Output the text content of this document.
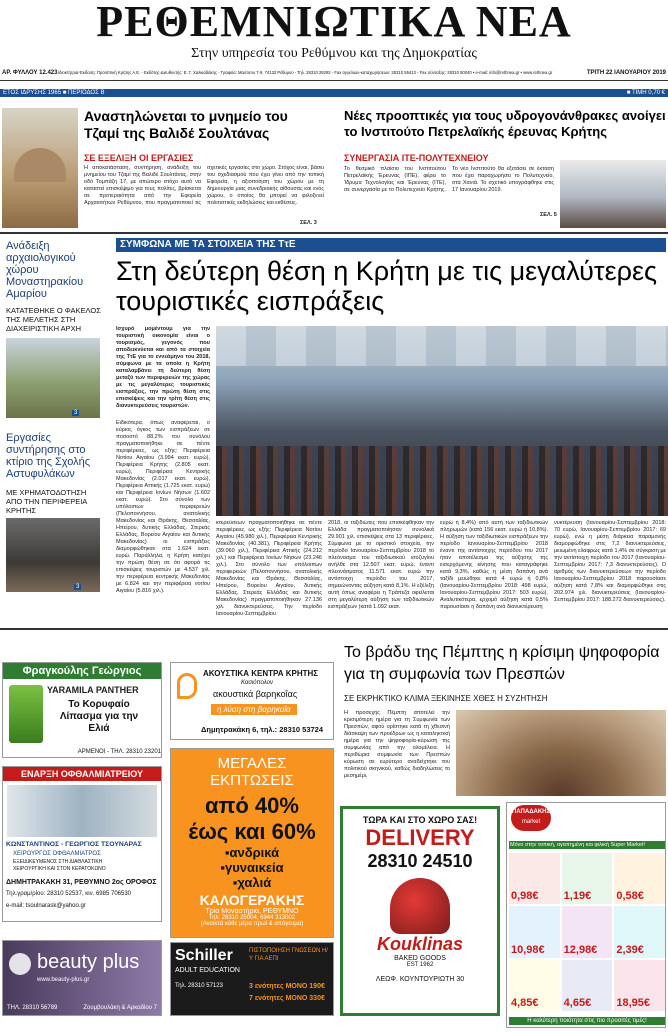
ΡΕΘΕΜΝΙΩΤΙΚΑ ΝΕΑ
Στην υπηρεσία του Ρεθύμνου και της Δημοκρατίας
ΑΡ. ΦΥΛΛΟΥ 12.423 Ιδιοκτήτρια-Έκδοση: Προοπτική Κρήτης Α.Ε. - Εκδότης-Διευθυντής: Ε. Γ. Χαλκιαδάκης - Γραφεία: Μαύτσου 7-9, 74132 Ρέθυμνο - Τηλ. 28310 29292 - Fax αγγελιών-καταχωρήσεων: 28310 55413 - Fax σύνταξης: 28310 50040 • e-mail: info@rethnea.gr • www.rethnea.gr	ΤΡΙΤΗ 22 ΙΑΝΟΥΑΡΙΟΥ 2019
ΕΤΟΣ ΙΔΡΥΣΗΣ 1965 ■ ΠΕΡΙΟΔΟΣ Β	■ ΤΙΜΗ 0,70 €
Αναστηλώνεται το μνημείο του Τζαμί της Βαλιδέ Σουλτάνας
ΣΕ ΕΞΕΛΙΞΗ ΟΙ ΕΡΓΑΣΙΕΣ
Η αποκατάσταση, συντήρηση, ανάδειξη του μνημείου του Τζαμί της Βαλιδέ Σουλτάνας, στην οδό Τομπάζη 17, με απώτερο στόχο αυτό να καταστεί επισκέψιμο για τους πολίτες, βρίσκεται σε προτεραιότητα από την Εφορεία Αρχαιοτήτων Ρεθύμνου, που πραγματοποιεί τις σχετικές εργασίες στο χώρο. Στόχος είναι, βάσει του σχεδιασμού που έχει γίνει από την τοπική Εφορεία, η αξιοποίηση του χώρου με τη δημιουργία μιας συνεδριακής αίθουσας και ενός χώρου, ο οποίος θα μπορεί να φιλοξενεί πολιτιστικές εκδηλώσεις και εκθέσεις.
ΣΕΛ. 3
Νέες προοπτικές για τους υδρογονάνθρακες ανοίγει το Ινστιτούτο Πετρελαϊκής έρευνας Κρήτης
ΣΥΝΕΡΓΑΣΙΑ ΙΤΕ-ΠΟΛΥΤΕΧΝΕΙΟΥ
Το θεσμικό πλαίσιο του Ινστιτούτου Πετρελαϊκής Έρευνας (ΙΠΕ), φέρει το Ίδρυμα Τεχνολογίας και Έρευνας (ΙΤΕ), σε συνεργασία με το Πολυτεχνείο Κρήτης. Το νέο Ινστιτούτο θα εξετάσει σε έκταση που έχει παραχωρήσει το Πολυτεχνείο, στα Χανιά. Το σχετικό υπογράφθηκε στις 17 Ιανουαρίου 2019.
ΣΕΛ. 5
Ανάδειξη αρχαιολογικού χώρου Μοναστηρακίου Αμαρίου
ΚΑΤΑΤΕΘΗΚΕ Ο ΦΑΚΕΛΟΣ ΤΗΣ ΜΕΛΕΤΗΣ ΣΤΗ ΔΙΑΧΕΙΡΙΣΤΙΚΗ ΑΡΧΗ
3
Εργασίες συντήρησης στο κτίριο της Σχολής Αστυφυλάκων
ΜΕ ΧΡΗΜΑΤΟΔΟΤΗΣΗ ΑΠΟ ΤΗΝ ΠΕΡΙΦΕΡΕΙΑ ΚΡΗΤΗΣ
3
ΣΥΜΦΩΝΑ ΜΕ ΤΑ ΣΤΟΙΧΕΙΑ ΤΗΣ ΤτΕ
Στη δεύτερη θέση η Κρήτη με τις μεγαλύτερες τουριστικές εισπράξεις
Ισχυρό μομέντουμ για την τουριστική οικονομία είναι ο τουρισμός, γεγονός που αποδεικνύεται και από τα στοιχεία της ΤτΕ για το εννεάμηνο του 2018, σύμφωνα με τα οποία η Κρήτη καταλαμβάνει τη δεύτερη θέση μεταξύ των περιφερειών της χώρας με τις μεγαλύτερες τουριστικές εισπράξεις, την πρώτη θέση στις επισκέψεις και την τρίτη θέση στις διανυκτερεύσεις τουριστών.
Ειδικότερα, όπως αναφέρεται, ο κύριος όγκος των εισπράξεων σε ποσοστό 88,2% του συνόλου πραγματοποιήθηκε σε πέντε περιφέρειες, ως εξής: Περιφέρεια Νοτίου Αιγαίου (3.994 εκατ. ευρώ), Περιφέρεια Κρήτης (2.805 εκατ. ευρώ), Περιφέρεια Κεντρικής Μακεδονίας (2.017 εκατ. ευρώ), Περιφέρεια Αττικής (1.725 εκατ. ευρώ) και Περιφέρεια Ιονίων Νήσων (1.602 εκατ. ευρώ). Στο σύνολο των υπόλοιπων περιφερειών (Πελοποννήσου, ανατολικής Μακεδονίας και Θράκης, Θεσσαλίας, Ηπείρου, δυτικής Ελλάδας, Στερεάς Ελλάδας, Βορείου Αιγαίου και δυτικής Μακεδονίας) οι εισπράξεις διαμορφώθηκαν στα 1.624 εκατ. ευρώ. Παράλληλα, η Κρήτη κατέχει την πρώτη θέση σε ότι αφορά τις επισκέψεις τουριστών με 4.537 χιλ. την περιφέρεια κεντρικής Μακεδονίας με 6.824 και την περιφέρεια νοτίου Αιγαίου (5.816 χιλ.).
κτερεύσεων πραγματοποιήθηκε σε πέντε περιφέρειες ως εξής: Περιφέρεια Νοτίου Αιγαίου (45.980 χιλ.), Περιφέρεια Κεντρικής Μακεδονίας (40.381), Περιφέρεια Κρήτης (39.060 χιλ.), Περιφέρεια Αττικής (24.212 χιλ.) και Περιφέρεια Ιονίων Νήσων (23.246 χιλ.). Στο σύνολο των υπόλοιπων περιφερειών (Πελοποννήσου, ανατολικής Μακεδονίας και Θράκης, Θεσσαλίας, Ηπείρου, Βορείου Αιγαίου, δυτικής Ελλάδας, Στερεάς Ελλάδας και δυτικής Μακεδονίας) πραγματοποιήθηκαν 27.136 χιλ. διανυκτερεύσεις. Την περίοδο Ιανουαρίου-Σεπτεμβρίου
2018, οι ταξιδιώτες που επισκέφθηκαν την Ελλάδα πραγματοποίησαν συνολικά 29.901 χιλ. επισκέψεις στα 13 περιφέρειες. Σύμφωνα με το οριστικό στοιχεία, την περίοδο Ιανουαρίου-Σεπτεμβρίου 2018 το πλεόνασμα του ταξιδιωτικού ισοζυγίου ανήλθε στα 12.507 εκατ. ευρώ, έναντι πλεονάσματος 11.571 εκατ. ευρώ την αντίστοιχη περίοδο του 2017, σημειώνοντας αύξηση κατά 8,1%. Η εξέλιξη αυτή όπως αναφέρει η Τράπεζα οφείλεται στη μεγαλύτερη αύξηση των ταξιδιωτικών εισπράξεων (κατά 1.092 εκατ.
ευρώ ή 8,4%) από αυτή των ταξιδιωτικών πληρωμών (κατά 156 εκατ. ευρώ ή 10,8%). Η αύξηση των ταξιδιωτικών εισπράξεων την περίοδο Ιανουαρίου-Σεπτεμβρίου 2018 έναντι της αντίστοιχης περιόδου του 2017 ήταν αποτέλεσμα της αύξησης της εισερχόμενης κίνησης που καταγράφηκε κατά 9,3%, καθώς η μέση δαπάνη ανά ταξίδι μειώθηκε κατά 4 ευρώ ή 0,8% (Ιανουαρίου-Σεπτεμβρίου 2018: 498 ευρώ, Ιανουαρίου-Σεπτεμβρίου 2017: 503 ευρώ). Αναλυτικότερα, ερχομό αύξηση κατά 0,5% παρουσίασε η δαπάνη ανά διανυκτέρευση
νυκτέρευση (Ιανουαρίου-Σεπτεμβρίου 2018: 70 ευρώ, Ιανουαρίου-Σεπτεμβρίου 2017: 69 ευρώ), ενώ η μέση διάρκεια παραμονής διαμορφώθηκε στις 7,2 διανυκτερεύσεις, μειωμένη ελαφρώς κατά 1,4% σε σύγκριση με την αντίστοιχη περίοδο του 2017 (Ιανουαρίου-Σεπτεμβρίου 2017: 7,3 διανυκτερεύσεις). Ο αριθμός των διανυκτερεύσεων την περίοδο Ιανουαρίου-Σεπτεμβρίου 2018 παρουσίασε αύξηση κατά 7,8% και διαμορφώθηκε στις 202.974 χιλ. διανυκτερεύσεις (Ιανουαρίου-Σεπτεμβρίου 2017: 188.272 διανυκτερεύσεις).
Το βράδυ της Πέμπτης η κρίσιμη ψηφοφορία για τη συμφωνία των Πρεσπών
ΣΕ ΕΚΡΗΚΤΙΚΟ ΚΛΙΜΑ ΞΕΚΙΝΗΣΕ ΧΘΕΣ Η ΣΥΖΗΤΗΣΗ
Η προσεχής Πέμπτη αποτελεί την κρισιμότερη ημέρα για τη Συμφωνία των Πρεσπών, αφού ορίστηκε κατά τη χθεσινή διάσκεψη των προέδρων ως η καταληκτική ημέρα για την ψηφοφορία-κύρωση της συμφωνίας από την ολομέλεια. Η περιθώρια συμφωνία των Πρεσπών κύρωση σε ευρύτερο αναδείχτηκε του πολιτικού σκηνικού, καθώς διαδηλώσεις το μεσημέρι,
Φραγκούλης Γεώργιος
YARAMILA PANTHER
Το Κορυφαίο Λίπασμα για την Ελιά
ΑΡΜΕΝΟΙ - ΤΗΛ. 28310 23201
ΑΚΟΥΣΤΙΚΑ ΚΕΝΤΡΑ ΚΡΗΤΗΣ
Κασιόπολον
ακουστικά βαρηκοΐας
η λύση στη βαρηκοΐα
Δημητρακάκη 6, τηλ.: 28310 53724
ΕΝΑΡΞΗ ΟΦΘΑΛΜΙΑΤΡΕΙΟΥ
ΚΩΝΣΤΑΝΤΙΝΟΣ - ΓΕΩΡΓΙΟΣ ΤΣΟΥΝΑΡΑΣ
ΧΕΙΡΟΥΡΓΟΣ ΟΦΘΑΛΜΙΑΤΡΟΣ
ΕΞΕΙΔΙΚΕΥΜΕΝΟΣ ΣΤΗ ΔΙΑΘΛΑΣΤΙΚΗ
ΧΕΙΡΟΥΡΓΙΚΗ ΚΑΙ ΣΤΟΝ ΚΕΡΑΤΟΚΩΝΟ
ΔΗΜΗΤΡΑΚΑΚΗ 31, ΡΕΘΥΜΝΟ 2ος ΟΡΟΦΟΣ
Τηλ.γραμ/ρίου: 28310 52537, κιν. 6985 706530
e-mail: tsoulnarask@yahoo.gr
ΜΕΓΑΛΕΣ
ΕΚΠΤΩΣΕΙΣ
από 40%
έως και 60%
▪ανδρικά
▪γυναικεία
▪χαλιά
ΚΑΛΟΓΕΡΑΚΗΣ
Τρία Μοναστήρια, ΡΕΘΥΜΝΟ
Τηλ: 28310 25004, 6944 313002
(Ανοικτά κάθε μέρα πρωί & απόγευμα)
ΤΩΡΑ ΚΑΙ ΣΤΟ ΧΩΡΟ ΣΑΣ!
DELIVERY
28310 24510
Kouklinas
BAKED GOODS
EST 1962
ΛΕΩΦ. ΚΟΥΝΤΟΥΡΙΩΤΗ 30
ΠΑΠΑΔΑΚΗΣ
market
Μόνο στην τοπική, αγαπημένη και φιλική Super Market!
0,98€ 1,19€ 0,58€
10,98€ 12,98€ 2,39€
4,85€ 4,65€ 18,95€
Η καλύτερη ποιότητα στις πιο προσιτές τιμές!
beauty plus
www.beauty-plus.gr
ΤΗΛ. 28310 56789	Ζουμβουλάκη & Αρκαδίου 7
Schiller
ADULT EDUCATION
ΠΙΣΤΟΠΟΙΗΣΗ ΓΝΩΣΕΩΝ Η/Υ ΓΙΑ ΑΕΠΙ
Τηλ. 28310 57123	3 ενότητες ΜΟΝΟ 190€
7 ενότητες ΜΟΝΟ 330€
